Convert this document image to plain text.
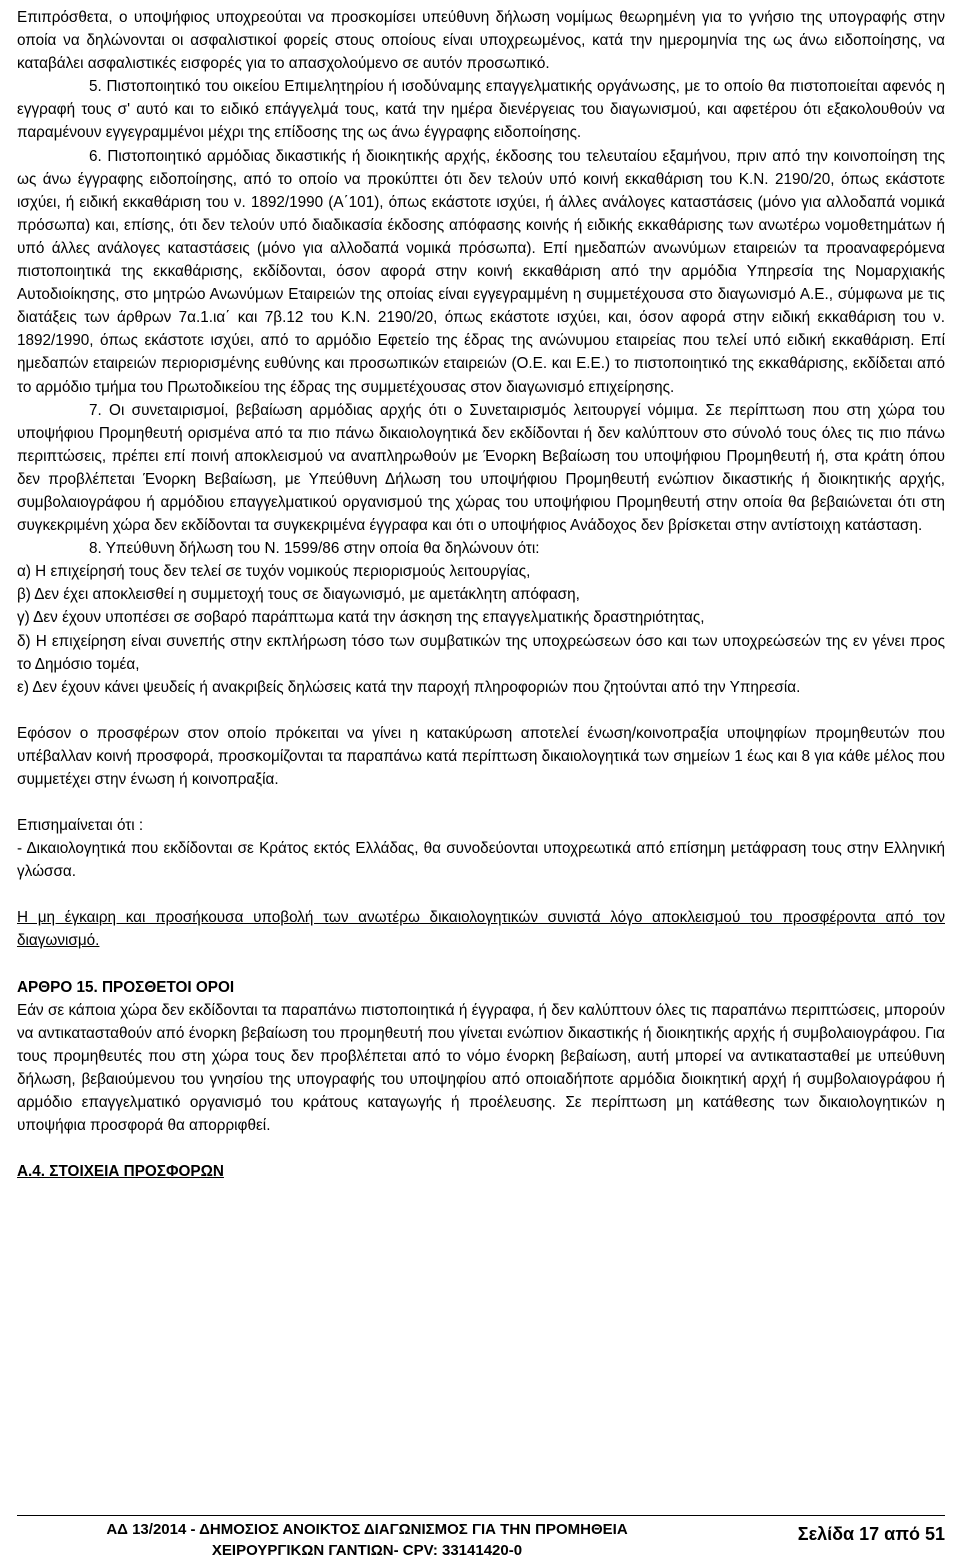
Επιπρόσθετα, ο υποψήφιος υποχρεούται να προσκομίσει υπεύθυνη δήλωση νομίμως θεωρημένη για το γνήσιο της υπογραφής στην οποία να δηλώνονται οι ασφαλιστικοί φορείς στους οποίους είναι υποχρεωμένος, κατά την ημερομηνία της ως άνω ειδοποίησης, να καταβάλει ασφαλιστικές εισφορές για το απασχολούμενο σε αυτόν προσωπικό.

5. Πιστοποιητικό του οικείου Επιμελητηρίου ή ισοδύναμης επαγγελματικής οργάνωσης, με το οποίο θα πιστοποιείται αφενός η εγγραφή τους σ' αυτό και το ειδικό επάγγελμά τους, κατά την ημέρα διενέργειας του διαγωνισμού, και αφετέρου ότι εξακολουθούν να παραμένουν εγγεγραμμένοι μέχρι της επίδοσης της ως άνω έγγραφης ειδοποίησης.

6. Πιστοποιητικό αρμόδιας δικαστικής ή διοικητικής αρχής, έκδοσης του τελευταίου εξαμήνου, πριν από την κοινοποίηση της ως άνω έγγραφης ειδοποίησης, από το οποίο να προκύπτει ότι δεν τελούν υπό κοινή εκκαθάριση του Κ.Ν. 2190/20, όπως εκάστοτε ισχύει, ή ειδική εκκαθάριση του ν. 1892/1990 (Α΄101), όπως εκάστοτε ισχύει, ή άλλες ανάλογες καταστάσεις (μόνο για αλλοδαπά νομικά πρόσωπα) και, επίσης, ότι δεν τελούν υπό διαδικασία έκδοσης απόφασης κοινής ή ειδικής εκκαθάρισης των ανωτέρω νομοθετημάτων ή υπό άλλες ανάλογες καταστάσεις (μόνο για αλλοδαπά νομικά πρόσωπα). Επί ημεδαπών ανωνύμων εταιρειών τα προαναφερόμενα πιστοποιητικά της εκκαθάρισης, εκδίδονται, όσον αφορά στην κοινή εκκαθάριση από την αρμόδια Υπηρεσία της Νομαρχιακής Αυτοδιοίκησης, στο μητρώο Ανωνύμων Εταιρειών της οποίας είναι εγγεγραμμένη η συμμετέχουσα στο διαγωνισμό Α.Ε., σύμφωνα με τις διατάξεις των άρθρων 7α.1.ια΄ και 7β.12 του Κ.Ν. 2190/20, όπως εκάστοτε ισχύει, και, όσον αφορά στην ειδική εκκαθάριση του ν. 1892/1990, όπως εκάστοτε ισχύει, από το αρμόδιο Εφετείο της έδρας της ανώνυμου εταιρείας που τελεί υπό ειδική εκκαθάριση. Επί ημεδαπών εταιρειών περιορισμένης ευθύνης και προσωπικών εταιρειών (Ο.Ε. και Ε.Ε.) το πιστοποιητικό της εκκαθάρισης, εκδίδεται από το αρμόδιο τμήμα του Πρωτοδικείου της έδρας της συμμετέχουσας στον διαγωνισμό επιχείρησης.

7. Οι συνεταιρισμοί, βεβαίωση αρμόδιας αρχής ότι ο Συνεταιρισμός λειτουργεί νόμιμα. Σε περίπτωση που στη χώρα του υποψήφιου Προμηθευτή ορισμένα από τα πιο πάνω δικαιολογητικά δεν εκδίδονται ή δεν καλύπτουν στο σύνολό τους όλες τις πιο πάνω περιπτώσεις, πρέπει επί ποινή αποκλεισμού να αναπληρωθούν με Ένορκη Βεβαίωση του υποψήφιου Προμηθευτή ή, στα κράτη όπου δεν προβλέπεται Ένορκη Βεβαίωση, με Υπεύθυνη Δήλωση του υποψήφιου Προμηθευτή ενώπιον δικαστικής ή διοικητικής αρχής, συμβολαιογράφου ή αρμόδιου επαγγελματικού οργανισμού της χώρας του υποψήφιου Προμηθευτή στην οποία θα βεβαιώνεται ότι στη συγκεκριμένη χώρα δεν εκδίδονται τα συγκεκριμένα έγγραφα και ότι ο υποψήφιος Ανάδοχος δεν βρίσκεται στην αντίστοιχη κατάσταση.

8. Υπεύθυνη δήλωση του Ν. 1599/86 στην οποία θα δηλώνουν ότι:

α) Η επιχείρησή τους δεν τελεί σε τυχόν νομικούς περιορισμούς λειτουργίας,

β) Δεν έχει αποκλεισθεί η συμμετοχή τους σε διαγωνισμό, με αμετάκλητη απόφαση,

γ) Δεν έχουν υποπέσει σε σοβαρό παράπτωμα κατά την άσκηση της επαγγελματικής δραστηριότητας,

δ) Η επιχείρηση είναι συνεπής στην εκπλήρωση τόσο των συμβατικών της υποχρεώσεων όσο και των υποχρεώσεών της εν γένει προς το Δημόσιο τομέα,

ε) Δεν έχουν κάνει ψευδείς ή ανακριβείς δηλώσεις κατά την παροχή πληροφοριών που ζητούνται από την Υπηρεσία.

Εφόσον ο προσφέρων στον οποίο πρόκειται να γίνει η κατακύρωση αποτελεί ένωση/κοινοπραξία υποψηφίων προμηθευτών που υπέβαλλαν κοινή προσφορά, προσκομίζονται τα παραπάνω κατά περίπτωση δικαιολογητικά των σημείων 1 έως και 8 για κάθε μέλος που συμμετέχει στην ένωση ή κοινοπραξία.

Επισημαίνεται ότι :

- Δικαιολογητικά που εκδίδονται σε Κράτος εκτός Ελλάδας, θα συνοδεύονται υποχρεωτικά από επίσημη μετάφραση τους στην Ελληνική γλώσσα.

Η μη έγκαιρη και προσήκουσα υποβολή των ανωτέρω δικαιολογητικών συνιστά λόγο αποκλεισμού του προσφέροντα από τον διαγωνισμό.

ΑΡΘΡΟ 15. ΠΡΟΣΘΕΤΟΙ ΟΡΟΙ

Εάν σε κάποια χώρα δεν εκδίδονται τα παραπάνω πιστοποιητικά ή έγγραφα, ή δεν καλύπτουν όλες τις παραπάνω περιπτώσεις, μπορούν να αντικατασταθούν από ένορκη βεβαίωση του προμηθευτή που γίνεται ενώπιον δικαστικής ή διοικητικής αρχής ή συμβολαιογράφου. Για τους προμηθευτές που στη χώρα τους δεν προβλέπεται από το νόμο ένορκη βεβαίωση, αυτή μπορεί να αντικατασταθεί με υπεύθυνη δήλωση, βεβαιούμενου του γνησίου της υπογραφής του υποψηφίου από οποιαδήποτε αρμόδια διοικητική αρχή ή συμβολαιογράφου ή αρμόδιο επαγγελματικό οργανισμό του κράτους καταγωγής ή προέλευσης. Σε περίπτωση μη κατάθεσης των δικαιολογητικών η υποψήφια προσφορά θα απορριφθεί.

Α.4. ΣΤΟΙΧΕΙΑ ΠΡΟΣΦΟΡΩΝ

ΑΔ 13/2014 - ΔΗΜΟΣΙΟΣ ΑΝΟΙΚΤΟΣ ΔΙΑΓΩΝΙΣΜΟΣ ΓΙΑ ΤΗΝ ΠΡΟΜΗΘΕΙΑ
ΧΕΙΡΟΥΡΓΙΚΩΝ ΓΑΝΤΙΩΝ- CPV: 33141420-0
Σελίδα 17 από 51
